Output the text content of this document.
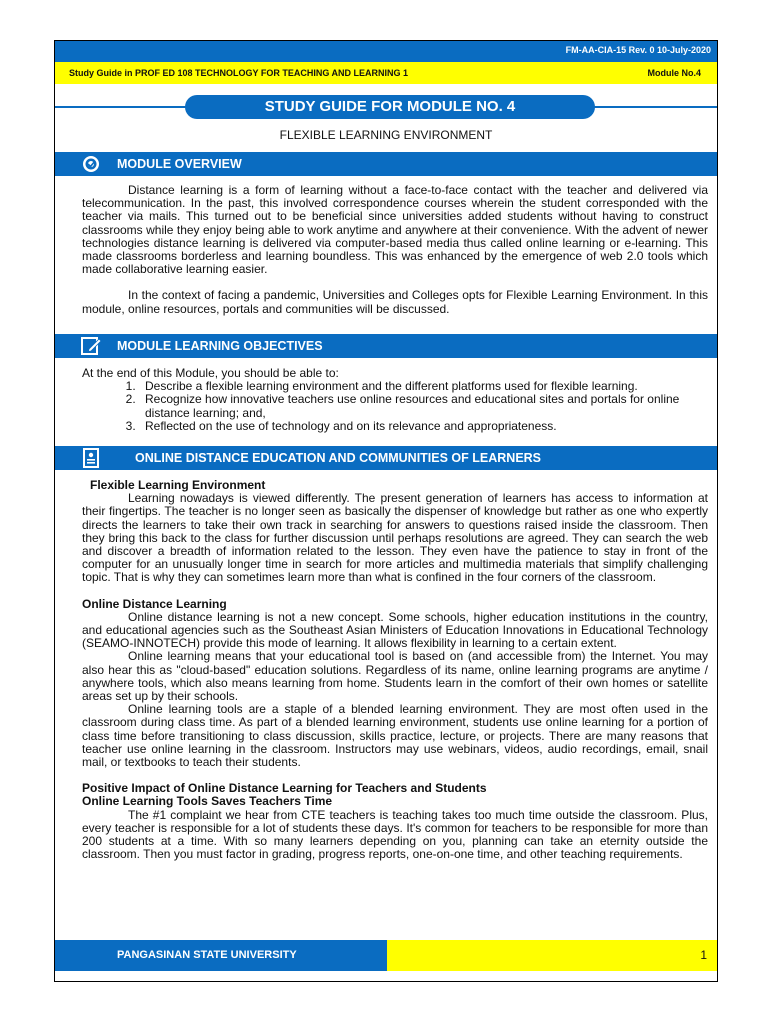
FM-AA-CIA-15 Rev. 0 10-July-2020
Study Guide in PROF ED 108 TECHNOLOGY FOR TEACHING AND LEARNING 1	Module No.4
STUDY GUIDE FOR MODULE NO. 4
FLEXIBLE LEARNING ENVIRONMENT
MODULE OVERVIEW

Distance learning is a form of learning without a face-to-face contact with the teacher and delivered via telecommunication. In the past, this involved correspondence courses wherein the student corresponded with the teacher via mails. This turned out to be beneficial since universities added students without having to construct classrooms while they enjoy being able to work anytime and anywhere at their convenience. With the advent of newer technologies distance learning is delivered via computer-based media thus called online learning or e-learning. This made classrooms borderless and learning boundless. This was enhanced by the emergence of web 2.0 tools which made collaborative learning easier.

In the context of facing a pandemic, Universities and Colleges opts for Flexible Learning Environment. In this module, online resources, portals and communities will be discussed.

MODULE LEARNING OBJECTIVES

At the end of this Module, you should be able to:

1. Describe a flexible learning environment and the different platforms used for flexible learning.
2. Recognize how innovative teachers use online resources and educational sites and portals for online distance learning; and,
3. Reflected on the use of technology and on its relevance and appropriateness.
ONLINE DISTANCE EDUCATION AND COMMUNITIES OF LEARNERS

Flexible Learning Environment

Learning nowadays is viewed differently. The present generation of learners has access to information at their fingertips. The teacher is no longer seen as basically the dispenser of knowledge but rather as one who expertly directs the learners to take their own track in searching for answers to questions raised inside the classroom. Then they bring this back to the class for further discussion until perhaps resolutions are agreed. They can search the web and discover a breadth of information related to the lesson. They even have the patience to stay in front of the computer for an unusually longer time in search for more articles and multimedia materials that simplify challenging topic. That is why they can sometimes learn more than what is confined in the four corners of the classroom.

Online Distance Learning

Online distance learning is not a new concept. Some schools, higher education institutions in the country, and educational agencies such as the Southeast Asian Ministers of Education Innovations in Educational Technology (SEAMO-INNOTECH) provide this mode of learning. It allows flexibility in learning to a certain extent.

Online learning means that your educational tool is based on (and accessible from) the Internet. You may also hear this as "cloud-based" education solutions. Regardless of its name, online learning programs are anytime / anywhere tools, which also means learning from home. Students learn in the comfort of their own homes or satellite areas set up by their schools.

Online learning tools are a staple of a blended learning environment. They are most often used in the classroom during class time. As part of a blended learning environment, students use online learning for a portion of class time before transitioning to class discussion, skills practice, lecture, or projects. There are many reasons that teacher use online learning in the classroom. Instructors may use webinars, videos, audio recordings, email, snail mail, or textbooks to teach their students.

Positive Impact of Online Distance Learning for Teachers and Students

Online Learning Tools Saves Teachers Time

The #1 complaint we hear from CTE teachers is teaching takes too much time outside the classroom. Plus, every teacher is responsible for a lot of students these days. It's common for teachers to be responsible for more than 200 students at a time. With so many learners depending on you, planning can take an eternity outside the classroom. Then you must factor in grading, progress reports, one-on-one time, and other teaching requirements.

PANGASINAN STATE UNIVERSITY	1
